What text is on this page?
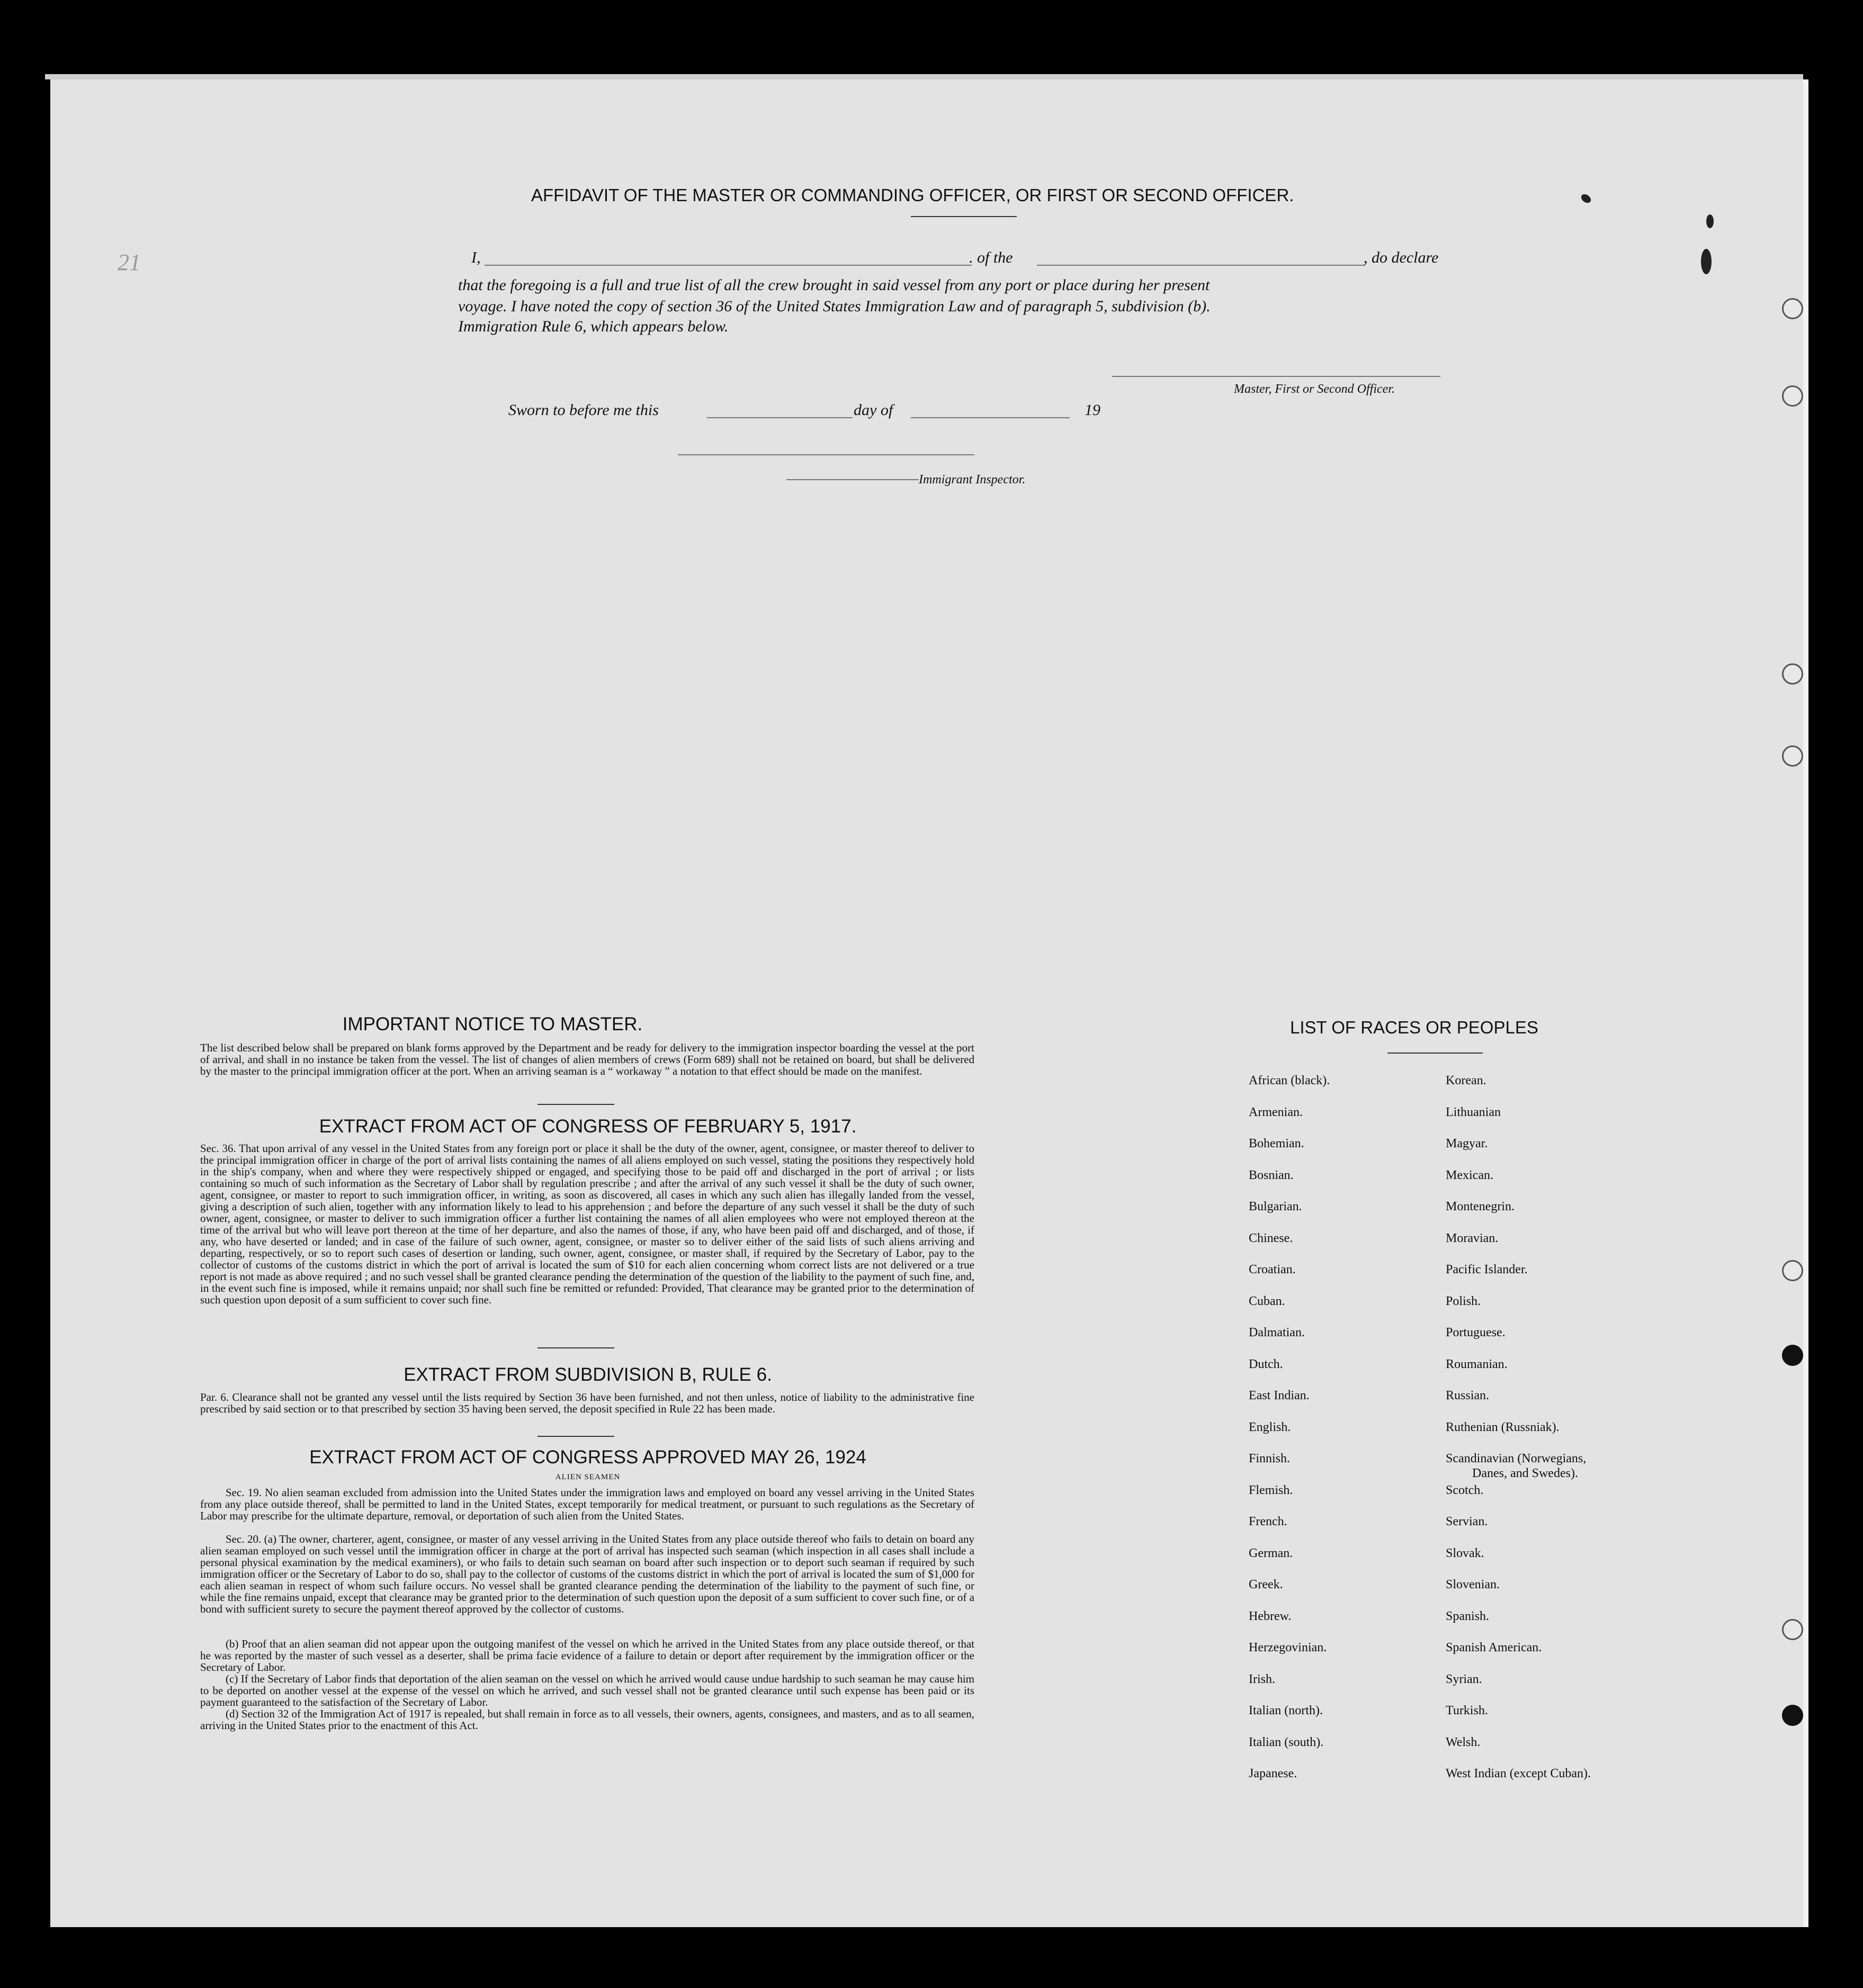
AFFIDAVIT OF THE MASTER OR COMMANDING OFFICER, OR FIRST OR SECOND OFFICER.
21	I,	. of the	, do declare
that the foregoing is a full and true list of all the crew brought in said vessel from any port or place during her present
voyage. I have noted the copy of section 36 of the United States Immigration Law and of paragraph 5, subdivision (b).
Immigration Rule 6, which appears below.
Master, First or Second Officer.
Sworn to before me this	day of	19
Immigrant Inspector.
IMPORTANT NOTICE TO MASTER.
The list described below shall be prepared on blank forms approved by the Department and be ready for delivery to the immigration inspector boarding the vessel at the port of arrival, and shall in no instance be taken from the vessel. The list of changes of alien members of crews (Form 689) shall not be retained on board, but shall be delivered by the master to the principal immigration officer at the port. When an arriving seaman is a “ workaway ” a notation to that effect should be made on the manifest.
EXTRACT FROM ACT OF CONGRESS OF FEBRUARY 5, 1917.
Sec. 36. That upon arrival of any vessel in the United States from any foreign port or place it shall be the duty of the owner, agent, consignee, or master thereof to deliver to the principal immigration officer in charge of the port of arrival lists containing the names of all aliens employed on such vessel, stating the positions they respectively hold in the ship's company, when and where they were respectively shipped or engaged, and specifying those to be paid off and discharged in the port of arrival ; or lists containing so much of such information as the Secretary of Labor shall by regulation prescribe ; and after the arrival of any such vessel it shall be the duty of such owner, agent, consignee, or master to report to such immigration officer, in writing, as soon as discovered, all cases in which any such alien has illegally landed from the vessel, giving a description of such alien, together with any information likely to lead to his apprehension ; and before the departure of any such vessel it shall be the duty of such owner, agent, consignee, or master to deliver to such immigration officer a further list containing the names of all alien employees who were not employed thereon at the time of the arrival but who will leave port thereon at the time of her departure, and also the names of those, if any, who have been paid off and discharged, and of those, if any, who have deserted or landed; and in case of the failure of such owner, agent, consignee, or master so to deliver either of the said lists of such aliens arriving and departing, respectively, or so to report such cases of desertion or landing, such owner, agent, consignee, or master shall, if required by the Secretary of Labor, pay to the collector of customs of the customs district in which the port of arrival is located the sum of $10 for each alien concerning whom correct lists are not delivered or a true report is not made as above required ; and no such vessel shall be granted clearance pending the determination of the question of the liability to the payment of such fine, and, in the event such fine is imposed, while it remains unpaid; nor shall such fine be remitted or refunded: Provided, That clearance may be granted prior to the determination of such question upon deposit of a sum sufficient to cover such fine.
EXTRACT FROM SUBDIVISION B, RULE 6.
Par. 6. Clearance shall not be granted any vessel until the lists required by Section 36 have been furnished, and not then unless, notice of liability to the administrative fine prescribed by said section or to that prescribed by section 35 having been served, the deposit specified in Rule 22 has been made.
EXTRACT FROM ACT OF CONGRESS APPROVED MAY 26, 1924
ALIEN SEAMEN
Sec. 19. No alien seaman excluded from admission into the United States under the immigration laws and employed on board any vessel arriving in the United States from any place outside thereof, shall be permitted to land in the United States, except temporarily for medical treatment, or pursuant to such regulations as the Secretary of Labor may prescribe for the ultimate departure, removal, or deportation of such alien from the United States.
Sec. 20. (a) The owner, charterer, agent, consignee, or master of any vessel arriving in the United States from any place outside thereof who fails to detain on board any alien seaman employed on such vessel until the immigration officer in charge at the port of arrival has inspected such seaman (which inspection in all cases shall include a personal physical examination by the medical examiners), or who fails to detain such seaman on board after such inspection or to deport such seaman if required by such immigration officer or the Secretary of Labor to do so, shall pay to the collector of customs of the customs district in which the port of arrival is located the sum of $1,000 for each alien seaman in respect of whom such failure occurs. No vessel shall be granted clearance pending the determination of the liability to the payment of such fine, or while the fine remains unpaid, except that clearance may be granted prior to the determination of such question upon the deposit of a sum sufficient to cover such fine, or of a bond with sufficient surety to secure the payment thereof approved by the collector of customs.
(b) Proof that an alien seaman did not appear upon the outgoing manifest of the vessel on which he arrived in the United States from any place outside thereof, or that he was reported by the master of such vessel as a deserter, shall be prima facie evidence of a failure to detain or deport after requirement by the immigration officer or the Secretary of Labor.
(c) If the Secretary of Labor finds that deportation of the alien seaman on the vessel on which he arrived would cause undue hardship to such seaman he may cause him to be deported on another vessel at the expense of the vessel on which he arrived, and such vessel shall not be granted clearance until such expense has been paid or its payment guaranteed to the satisfaction of the Secretary of Labor.
(d) Section 32 of the Immigration Act of 1917 is repealed, but shall remain in force as to all vessels, their owners, agents, consignees, and masters, and as to all seamen, arriving in the United States prior to the enactment of this Act.
LIST OF RACES OR PEOPLES
African (black).
Armenian.
Bohemian.
Bosnian.
Bulgarian.
Chinese.
Croatian.
Cuban.
Dalmatian.
Dutch.
East Indian.
English.
Finnish.
Flemish.
French.
German.
Greek.
Hebrew.
Herzegovinian.
Irish.
Italian (north).
Italian (south).
Japanese.
Korean.
Lithuanian
Magyar.
Mexican.
Montenegrin.
Moravian.
Pacific Islander.
Polish.
Portuguese.
Roumanian.
Russian.
Ruthenian (Russniak).
Scandinavian (Norwegians,
Danes, and Swedes).
Scotch.
Servian.
Slovak.
Slovenian.
Spanish.
Spanish American.
Syrian.
Turkish.
Welsh.
West Indian (except Cuban).
